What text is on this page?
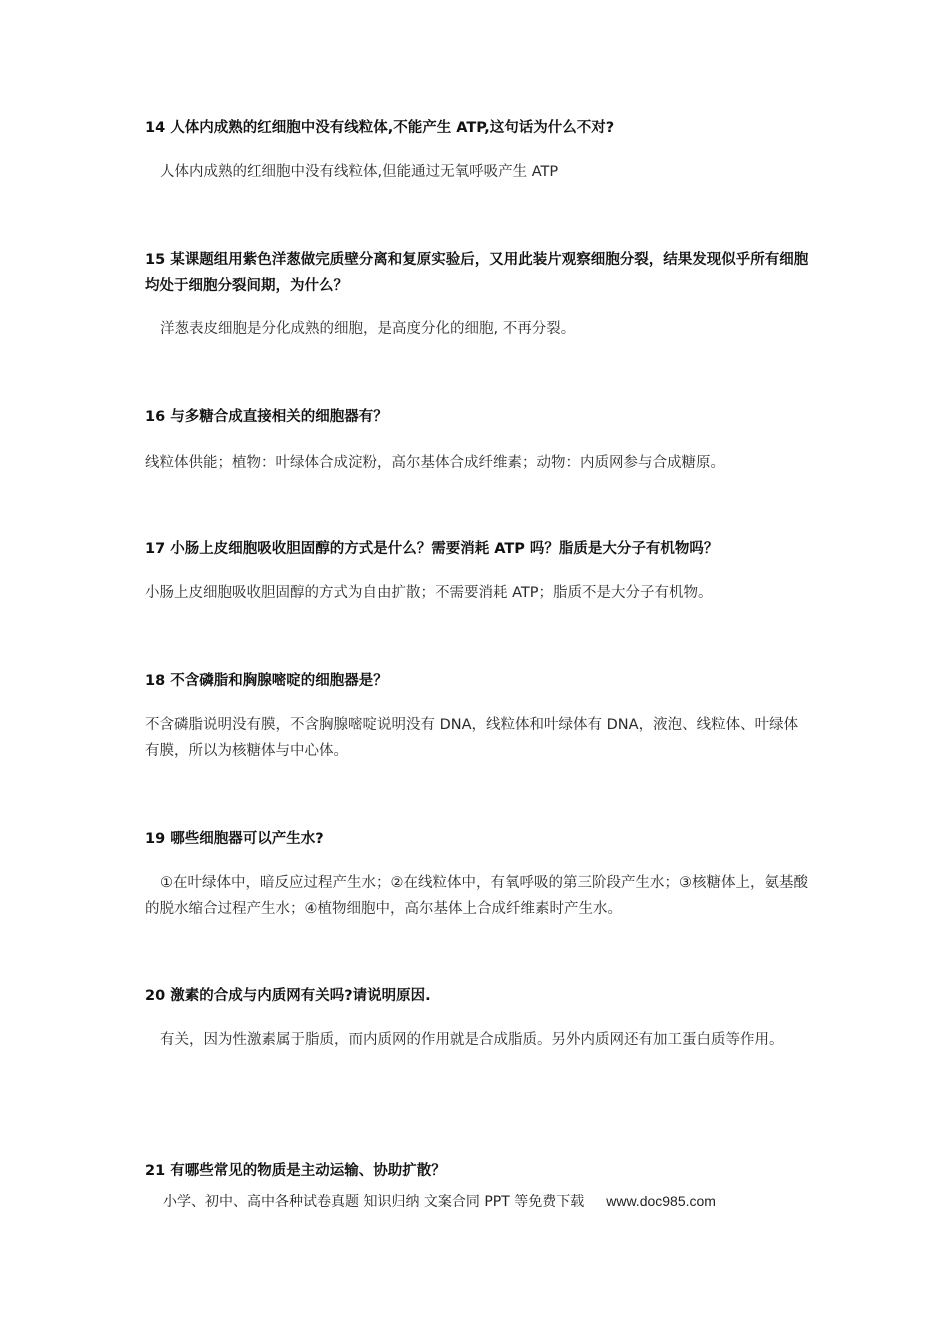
14 人体内成熟的红细胞中没有线粒体,不能产生 ATP,这句话为什么不对?

人体内成熟的红细胞中没有线粒体,但能通过无氧呼吸产生 ATP

15 某课题组用紫色洋葱做完质壁分离和复原实验后，又用此装片观察细胞分裂，结果发现似乎所有细胞均处于细胞分裂间期，为什么？

洋葱表皮细胞是分化成熟的细胞，是高度分化的细胞, 不再分裂。

16 与多糖合成直接相关的细胞器有？

线粒体供能；植物：叶绿体合成淀粉，高尔基体合成纤维素；动物：内质网参与合成糖原。

17 小肠上皮细胞吸收胆固醇的方式是什么？需要消耗 ATP 吗？脂质是大分子有机物吗？

小肠上皮细胞吸收胆固醇的方式为自由扩散；不需要消耗 ATP；脂质不是大分子有机物。

18 不含磷脂和胸腺嘧啶的细胞器是？

不含磷脂说明没有膜，不含胸腺嘧啶说明没有 DNA，线粒体和叶绿体有 DNA，液泡、线粒体、叶绿体有膜，所以为核糖体与中心体。

19 哪些细胞器可以产生水?

①在叶绿体中，暗反应过程产生水；②在线粒体中，有氧呼吸的第三阶段产生水；③核糖体上，氨基酸的脱水缩合过程产生水；④植物细胞中，高尔基体上合成纤维素时产生水。

20 激素的合成与内质网有关吗?请说明原因.

有关，因为性激素属于脂质，而内质网的作用就是合成脂质。另外内质网还有加工蛋白质等作用。

21 有哪些常见的物质是主动运输、协助扩散？

小学、初中、高中各种试卷真题 知识归纳 文案合同 PPT 等免费下载 www.doc985.com
